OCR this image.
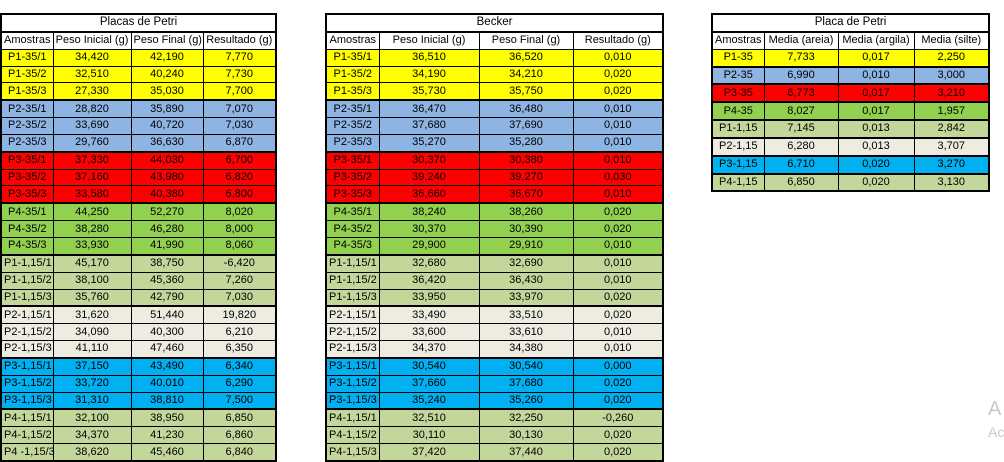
Placas de Petri			
Amostras	Peso Inicial (g)	Peso Final (g)	Resultado (g)
P1-35/1	34,420	42,190	7,770
P1-35/2	32,510	40,240	7,730
P1-35/3	27,330	35,030	7,700
P2-35/1	28,820	35,890	7,070
P2-35/2	33,690	40,720	7,030
P2-35/3	29,760	36,630	6,870
P3-35/1	37,330	44,030	6,700
P3-35/2	37,160	43,980	6,820
P3-35/3	33,580	40,380	6,800
P4-35/1	44,250	52,270	8,020
P4-35/2	38,280	46,280	8,000
P4-35/3	33,930	41,990	8,060
P1-1,15/1	45,170	38,750	-6,420
P1-1,15/2	38,100	45,360	7,260
P1-1,15/3	35,760	42,790	7,030
P2-1,15/1	31,620	51,440	19,820
P2-1,15/2	34,090	40,300	6,210
P2-1,15/3	41,110	47,460	6,350
P3-1,15/1	37,150	43,490	6,340
P3-1,15/2	33,720	40,010	6,290
P3-1,15/3	31,310	38,810	7,500
P4-1,15/1	32,100	38,950	6,850
P4-1,15/2	34,370	41,230	6,860
P4 -1,15/3	38,620	45,460	6,840
Becker			
Amostras	Peso Inicial (g)	Peso Final (g)	Resultado (g)
P1-35/1	36,510	36,520	0,010
P1-35/2	34,190	34,210	0,020
P1-35/3	35,730	35,750	0,020
P2-35/1	36,470	36,480	0,010
P2-35/2	37,680	37,690	0,010
P2-35/3	35,270	35,280	0,010
P3-35/1	30,370	30,380	0,010
P3-35/2	39,240	39,270	0,030
P3-35/3	36,660	36,670	0,010
P4-35/1	38,240	38,260	0,020
P4-35/2	30,370	30,390	0,020
P4-35/3	29,900	29,910	0,010
P1-1,15/1	32,680	32,690	0,010
P1-1,15/2	36,420	36,430	0,010
P1-1,15/3	33,950	33,970	0,020
P2-1,15/1	33,490	33,510	0,020
P2-1,15/2	33,600	33,610	0,010
P2-1,15/3	34,370	34,380	0,010
P3-1,15/1	30,540	30,540	0,000
P3-1,15/2	37,660	37,680	0,020
P3-1,15/3	35,240	35,260	0,020
P4-1,15/1	32,510	32,250	-0,260
P4-1,15/2	30,110	30,130	0,020
P4-1,15/3	37,420	37,440	0,020
Placa de Petri			
Amostras	Media (areia)	Media (argila)	Media (silte)
P1-35	7,733	0,017	2,250
P2-35	6,990	0,010	3,000
P3-35	6,773	0,017	3,210
P4-35	8,027	0,017	1,957
P1-1,15	7,145	0,013	2,842
P2-1,15	6,280	0,013	3,707
P3-1,15	6,710	0,020	3,270
P4-1,15	6,850	0,020	3,130
A
Ac
